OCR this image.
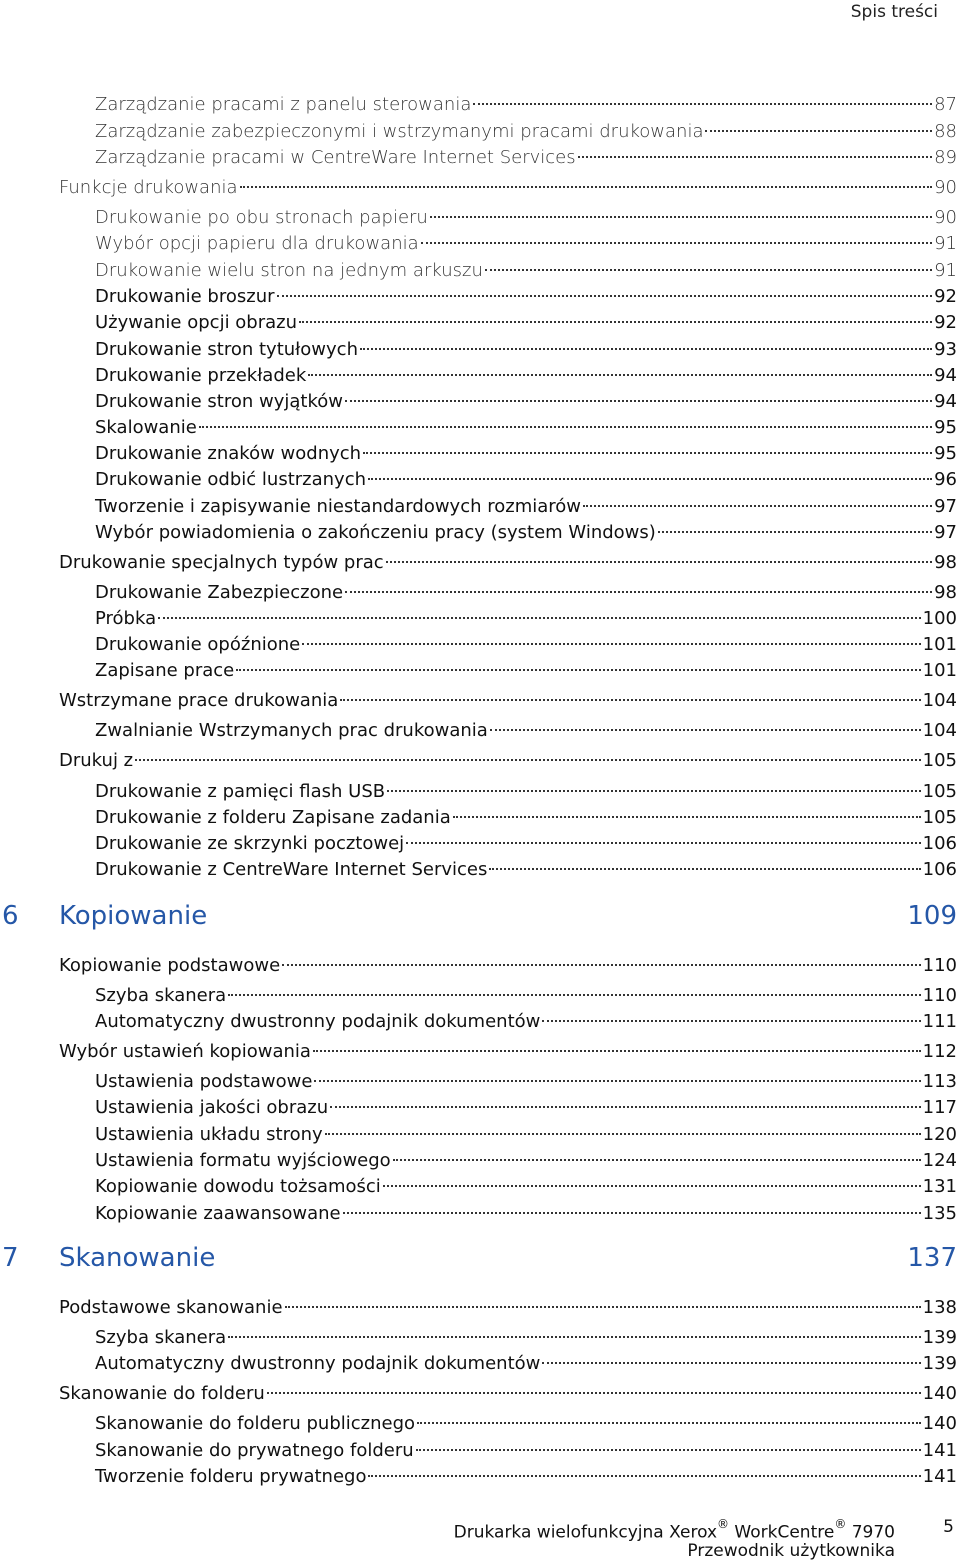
Spis treści
Zarządzanie pracami z panelu sterowania	87
Zarządzanie zabezpieczonymi i wstrzymanymi pracami drukowania	88
Zarządzanie pracami w CentreWare Internet Services	89
Funkcje drukowania	90
Drukowanie po obu stronach papieru	90
Wybór opcji papieru dla drukowania	91
Drukowanie wielu stron na jednym arkuszu	91
Drukowanie broszur	92
Używanie opcji obrazu	92
Drukowanie stron tytułowych	93
Drukowanie przekładek	94
Drukowanie stron wyjątków	94
Skalowanie	95
Drukowanie znaków wodnych	95
Drukowanie odbić lustrzanych	96
Tworzenie i zapisywanie niestandardowych rozmiarów	97
Wybór powiadomienia o zakończeniu pracy (system Windows)	97
Drukowanie specjalnych typów prac	98
Drukowanie Zabezpieczone	98
Próbka	100
Drukowanie opóźnione	101
Zapisane prace	101
Wstrzymane prace drukowania	104
Zwalnianie Wstrzymanych prac drukowania	104
Drukuj z	105
Drukowanie z pamięci flash USB	105
Drukowanie z folderu Zapisane zadania	105
Drukowanie ze skrzynki pocztowej	106
Drukowanie z CentreWare Internet Services	106
6	Kopiowanie	109
Kopiowanie podstawowe	110
Szyba skanera	110
Automatyczny dwustronny podajnik dokumentów	111
Wybór ustawień kopiowania	112
Ustawienia podstawowe	113
Ustawienia jakości obrazu	117
Ustawienia układu strony	120
Ustawienia formatu wyjściowego	124
Kopiowanie dowodu tożsamości	131
Kopiowanie zaawansowane	135
7	Skanowanie	137
Podstawowe skanowanie	138
Szyba skanera	139
Automatyczny dwustronny podajnik dokumentów	139
Skanowanie do folderu	140
Skanowanie do folderu publicznego	140
Skanowanie do prywatnego folderu	141
Tworzenie folderu prywatnego	141
Drukarka wielofunkcyjna Xerox® WorkCentre® 7970
Przewodnik użytkownika
5
